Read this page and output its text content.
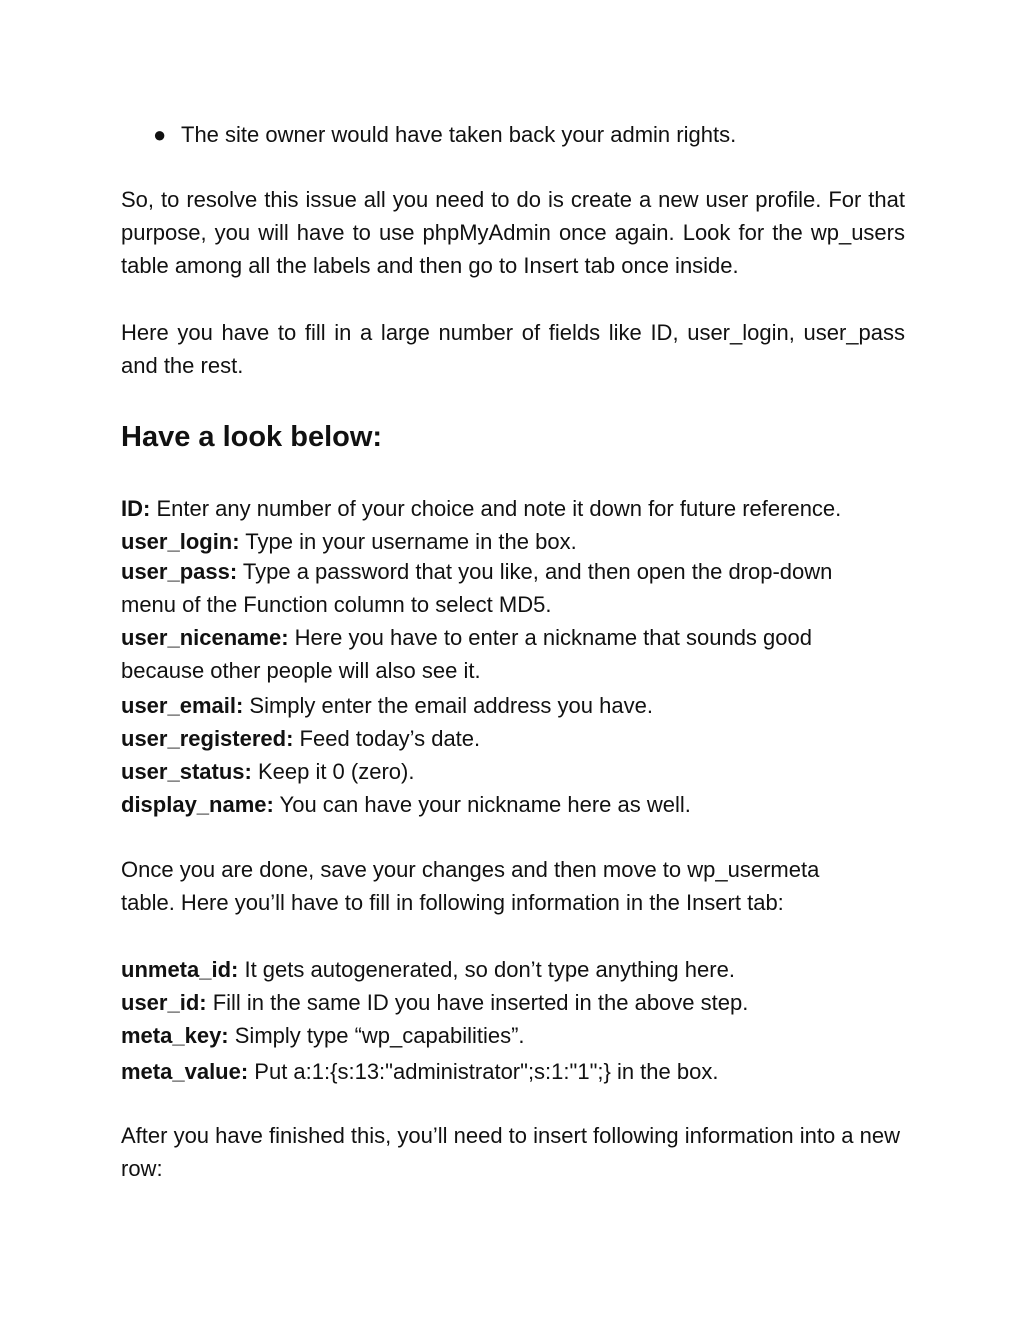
● The site owner would have taken back your admin rights.

So, to resolve this issue all you need to do is create a new user profile. For that purpose, you will have to use phpMyAdmin once again. Look for the wp_users table among all the labels and then go to Insert tab once inside.

Here you have to fill in a large number of fields like ID, user_login, user_pass and the rest.

Have a look below:

ID: Enter any number of your choice and note it down for future reference.

user_login: Type in your username in the box.

user_pass: Type a password that you like, and then open the drop-down menu of the Function column to select MD5.

user_nicename: Here you have to enter a nickname that sounds good because other people will also see it.

user_email: Simply enter the email address you have.

user_registered: Feed today’s date.

user_status: Keep it 0 (zero).

display_name: You can have your nickname here as well.

Once you are done, save your changes and then move to wp_usermeta table. Here you’ll have to fill in following information in the Insert tab:

unmeta_id: It gets autogenerated, so don’t type anything here.

user_id: Fill in the same ID you have inserted in the above step.

meta_key: Simply type “wp_capabilities”.

meta_value: Put a:1:{s:13:"administrator";s:1:"1";} in the box.

After you have finished this, you’ll need to insert following information into a new row:
